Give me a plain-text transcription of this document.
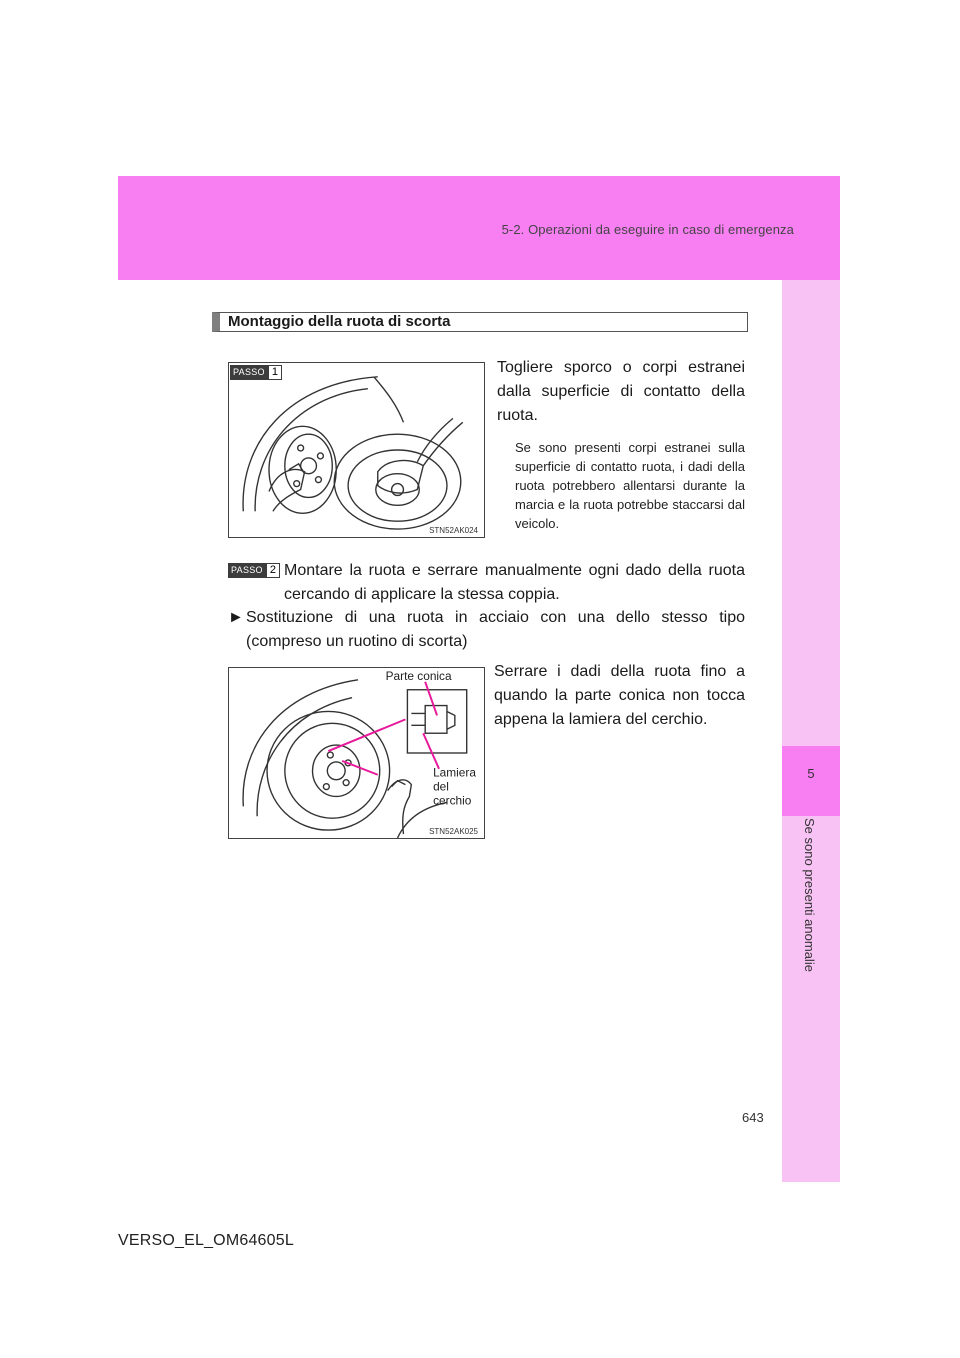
5-2. Operazioni da eseguire in caso di emergenza
5
Se sono presenti anomalie
Montaggio della ruota di scorta
PASSO 1
STN52AK024
Togliere sporco o corpi estranei dalla superficie di contatto della ruota.
Se sono presenti corpi estranei sulla superficie di contatto ruota, i dadi della ruota potrebbero allentarsi durante la marcia e la ruota potrebbe staccarsi dal veicolo.
PASSO 2 Montare la ruota e serrare manualmente ogni dado della ruota cercando di applicare la stessa coppia.
► Sostituzione di una ruota in acciaio con una dello stesso tipo (compreso un ruotino di scorta)
Serrare i dadi della ruota fino a quando la parte conica non tocca appena la lamiera del cerchio.
Parte conica
Lamiera
del
cerchio
STN52AK025
643
VERSO_EL_OM64605L
